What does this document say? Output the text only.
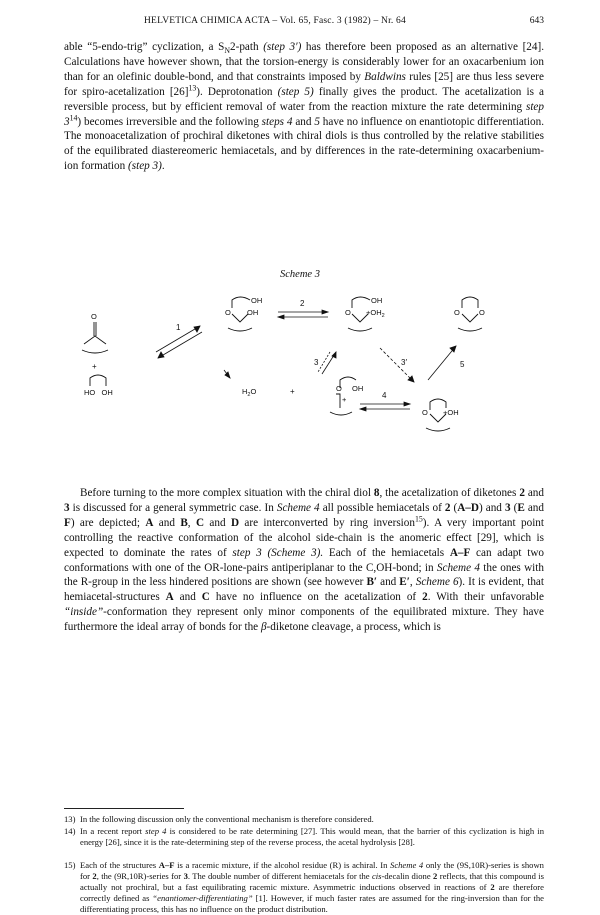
HELVETICA CHIMICA ACTA – Vol. 65, Fasc. 3 (1982) – Nr. 64	643

able “5-endo-trig” cyclization, a $S_N2$-path (step 3′) has therefore been proposed as an alternative [24]. Calculations have however shown, that the torsion-energy is considerably lower for an oxacarbenium ion than for an olefinic double-bond, and that constraints imposed by Baldwins rules [25] are thus less severe for spiro-acetalization $[26]^{13}$). Deprotonation (step 5) finally gives the product. The acetalization is a reversible process, but by efficient removal of water from the reaction mixture the rate determining step $3^{14}$) becomes irreversible and the following steps 4 and 5 have no influence on enantiotopic differentiation. The monoacetalization of prochiral diketones with chiral diols is thus controlled by the relative stabilities of the equilibrated diastereomeric hemiacetals, and by differences in the rate-determining oxacarbenium-ion formation (step 3).

Scheme 3
O
+
HO   OH
1
OH
O OH
2	OH
$O +OH_2$	O	O
3	3′	5
$H_2O$	+	O OH
+	4
O +OH

Before turning to the more complex situation with the chiral diol 8, the acetalization of diketones 2 and 3 is discussed for a general symmetric case. In Scheme 4 all possible hemiacetals of 2 (A–D) and 3 (E and F) are depicted; A and B, C and D are interconverted by ring inversion$^{15}$). A very important point controlling the reactive conformation of the alcohol side-chain is the anomeric effect [29], which is expected to dominate the rates of step 3 (Scheme 3). Each of the hemiacetals A–F can adapt two conformations with one of the OR-lone-pairs antiperiplanar to the C,OH-bond; in Scheme 4 the ones with the R-group in the less hindered positions are shown (see however B′ and E′, Scheme 6). It is evident, that hemiacetal-structures A and C have no influence on the acetalization of 2. With their unfavorable “inside”-conformation they represent only minor components of the equilibrated mixture. They have furthermore the ideal array of bonds for the β-diketone cleavage, a process, which is

13) In the following discussion only the conventional mechanism is therefore considered.
14) In a recent report step 4 is considered to be rate determining [27]. This would mean, that the barrier of this cyclization is high in energy [26], since it is the rate-determining step of the reverse process, the acetal hydrolysis [28].
15) Each of the structures A–F is a racemic mixture, if the alcohol residue (R) is achiral. In Scheme 4 only the (9S,10R)-series is shown for 2, the (9R,10R)-series for 3. The double number of different hemiacetals for the cis-decalin dione 2 reflects, that this compound is actually not prochiral, but a fast equilibrating racemic mixture. Asymmetric inductions observed in reactions of 2 are therefore correctly defined as “enantiomer-differentiating” [1]. However, if much faster rates are assumed for the ring-inversion than for the differentiating process, this has no influence on the product distribution.
